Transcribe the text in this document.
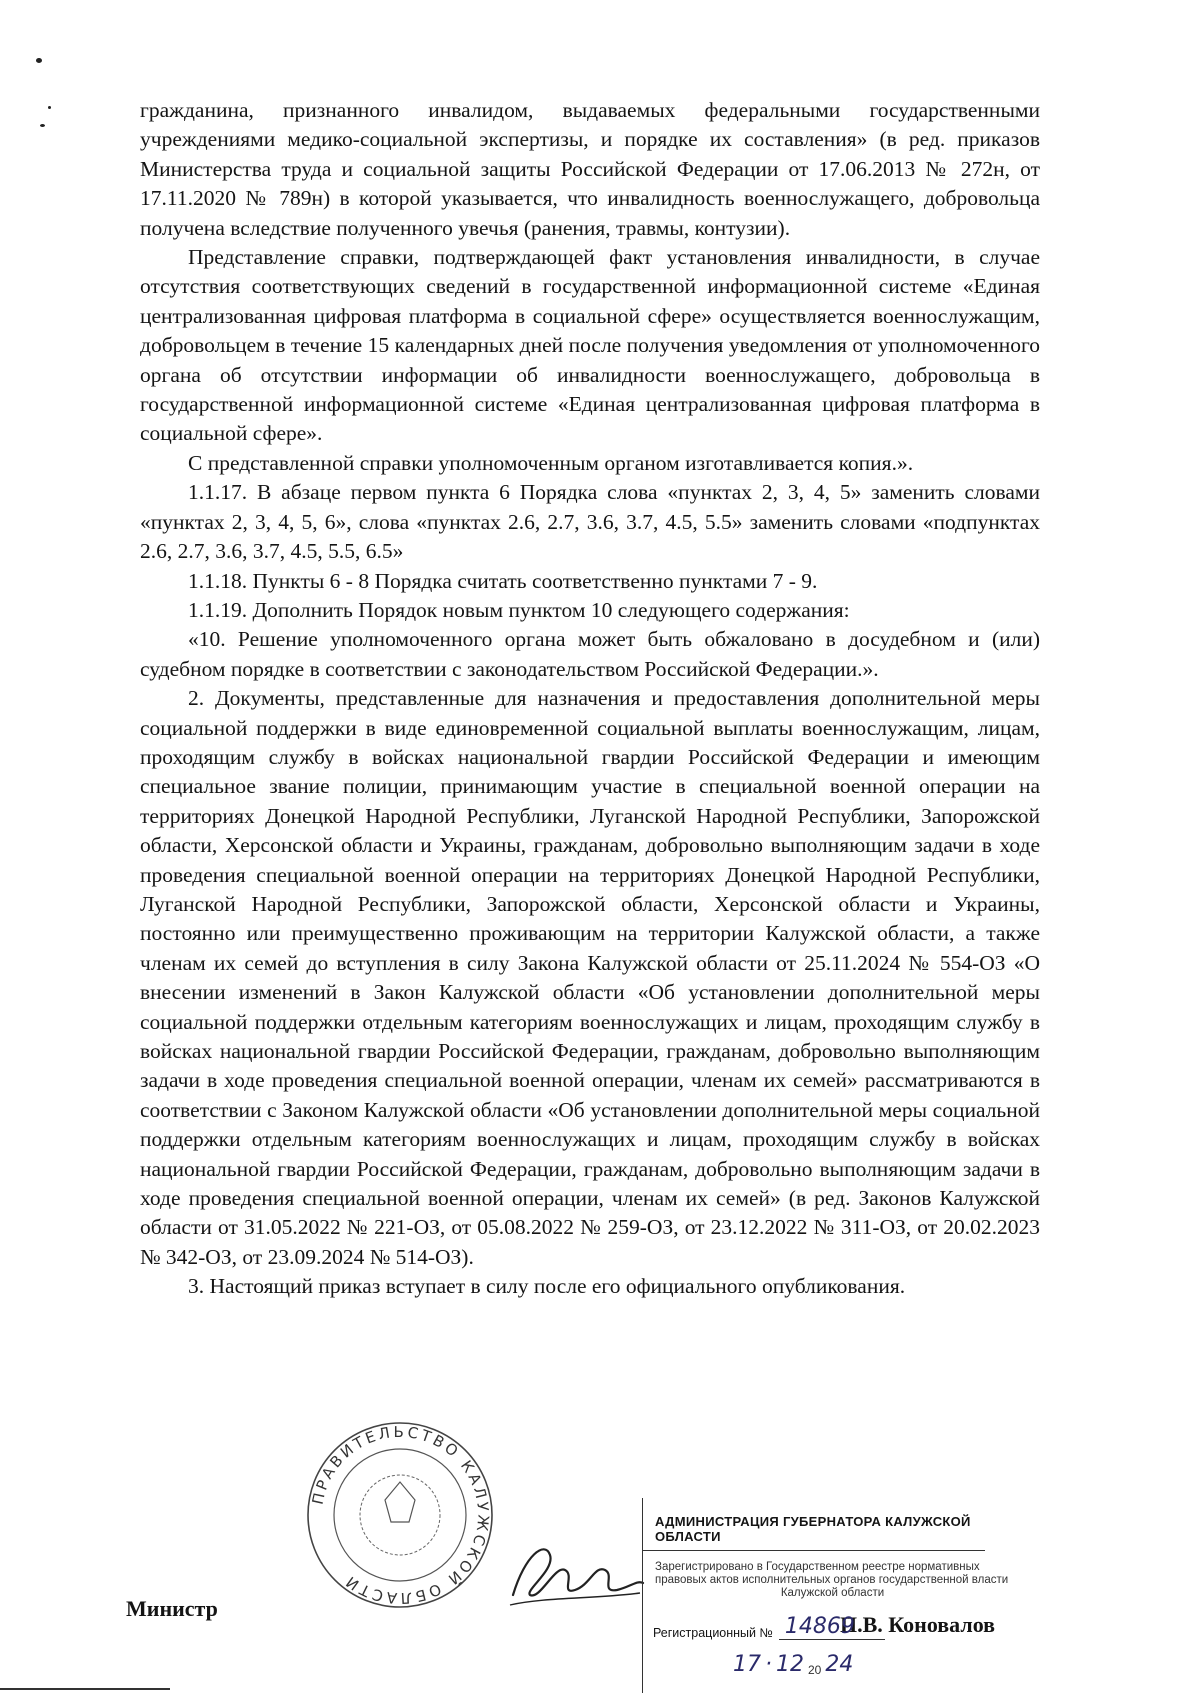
гражданина, признанного инвалидом, выдаваемых федеральными государственными учреждениями медико-социальной экспертизы, и порядке их составления» (в ред. приказов Министерства труда и социальной защиты Российской Федерации от 17.06.2013 № 272н, от 17.11.2020 № 789н) в которой указывается, что инвалидность военнослужащего, добровольца получена вследствие полученного увечья (ранения, травмы, контузии).

Представление справки, подтверждающей факт установления инвалидности, в случае отсутствия соответствующих сведений в государственной информационной системе «Единая централизованная цифровая платформа в социальной сфере» осуществляется военнослужащим, добровольцем в течение 15 календарных дней после получения уведомления от уполномоченного органа об отсутствии информации об инвалидности военнослужащего, добровольца в государственной информационной системе «Единая централизованная цифровая платформа в социальной сфере».

С представленной справки уполномоченным органом изготавливается копия.».

1.1.17. В абзаце первом пункта 6 Порядка слова «пунктах 2, 3, 4, 5» заменить словами «пунктах 2, 3, 4, 5, 6», слова «пунктах 2.6, 2.7, 3.6, 3.7, 4.5, 5.5» заменить словами «подпунктах 2.6, 2.7, 3.6, 3.7, 4.5, 5.5, 6.5»

1.1.18. Пункты 6 - 8 Порядка считать соответственно пунктами 7 - 9.

1.1.19. Дополнить Порядок новым пунктом 10 следующего содержания:

«10. Решение уполномоченного органа может быть обжаловано в досудебном и (или) судебном порядке в соответствии с законодательством Российской Федерации.».

2. Документы, представленные для назначения и предоставления дополнительной меры социальной поддержки в виде единовременной социальной выплаты военнослужащим, лицам, проходящим службу в войсках национальной гвардии Российской Федерации и имеющим специальное звание полиции, принимающим участие в специальной военной операции на территориях Донецкой Народной Республики, Луганской Народной Республики, Запорожской области, Херсонской области и Украины, гражданам, добровольно выполняющим задачи в ходе проведения специальной военной операции на территориях Донецкой Народной Республики, Луганской Народной Республики, Запорожской области, Херсонской области и Украины, постоянно или преимущественно проживающим на территории Калужской области, а также членам их семей до вступления в силу Закона Калужской области от 25.11.2024 № 554-ОЗ «О внесении изменений в Закон Калужской области «Об установлении дополнительной меры социальной поддержки отдельным категориям военнослужащих и лицам, проходящим службу в войсках национальной гвардии Российской Федерации, гражданам, добровольно выполняющим задачи в ходе проведения специальной военной операции, членам их семей» рассматриваются в соответствии с Законом Калужской области «Об установлении дополнительной меры социальной поддержки отдельным категориям военнослужащих и лицам, проходящим службу в войсках национальной гвардии Российской Федерации, гражданам, добровольно выполняющим задачи в ходе проведения специальной военной операции, членам их семей» (в ред. Законов Калужской области от 31.05.2022 № 221-ОЗ, от 05.08.2022 № 259-ОЗ, от 23.12.2022 № 311-ОЗ, от 20.02.2023 № 342-ОЗ, от 23.09.2024 № 514-ОЗ).

3. Настоящий приказ вступает в силу после его официального опубликования.

Министр
П.В. Коновалов
ПРАВИТЕЛЬСТВО КАЛУЖСКОЙ ОБЛАСТИ
АДМИНИСТРАЦИЯ ГУБЕРНАТОРА КАЛУЖСКОЙ ОБЛАСТИ
Зарегистрировано в Государственном реестре нормативных
правовых актов исполнительных органов государственной власти
Калужской области
Регистрационный № 14869
17 · 12 20 24
